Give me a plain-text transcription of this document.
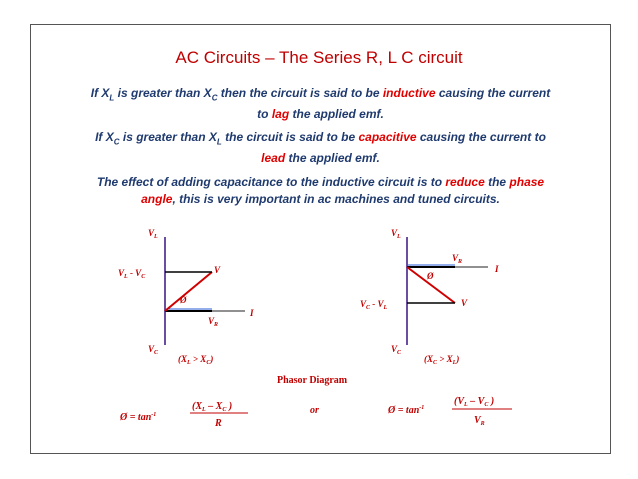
AC Circuits – The Series R, L C circuit
If $X_L$ is greater than $X_C$ then the circuit is said to be inductive causing the current
to lag the applied emf.
If $X_C$ is greater than $X_L$ the circuit is said to be capacitive causing the current to
lead the applied emf.
The effect of adding capacitance to the inductive circuit is to reduce the phase
angle, this is very important in ac machines and tuned circuits.
$V_L$
$V_L - V_C$
V
Ø
$V_R$
I
$V_C$
$(X_L > X_C)$
$V_L$
$V_R$
Ø
I
$V_C - V_L$	V
$V_C$
$(X_C > X_L)$
Phasor Diagram
Ø = $\tan^{-1}$
($X_L - X_C$ )
R
or	Ø = $\tan^{-1}$
($V_L - V_C$ )
$V_R$
